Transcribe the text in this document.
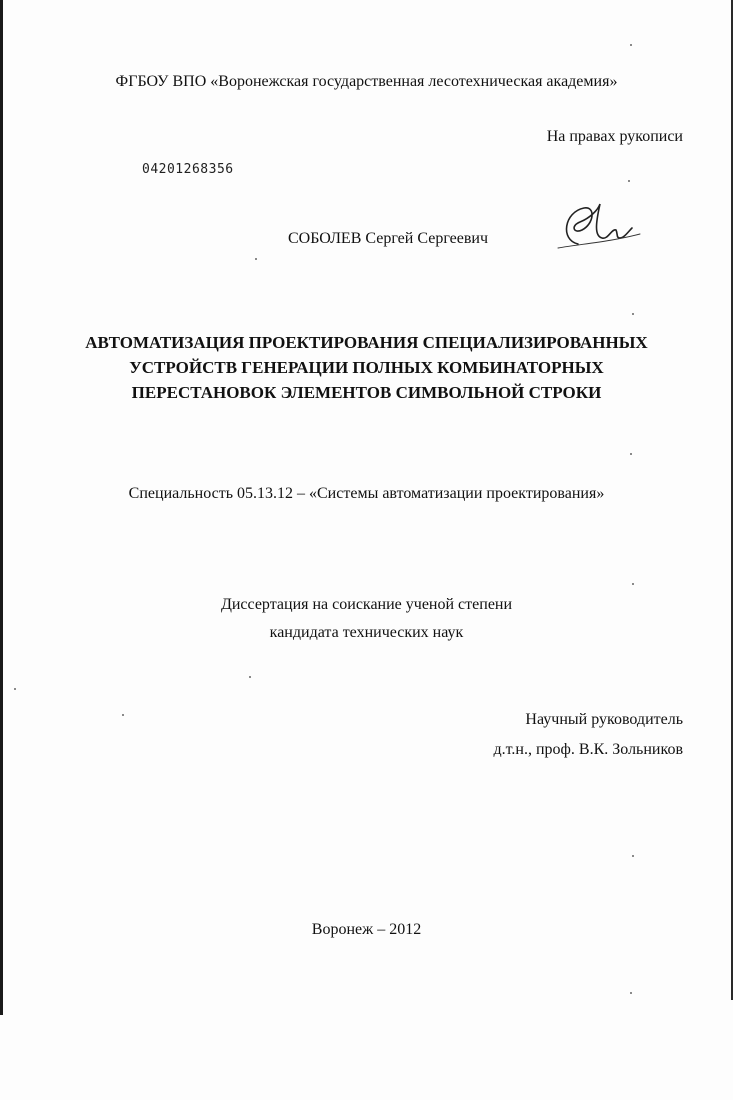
ФГБОУ ВПО «Воронежская государственная лесотехническая академия»
На правах рукописи
04201268356
СОБОЛЕВ Сергей Сергеевич
АВТОМАТИЗАЦИЯ ПРОЕКТИРОВАНИЯ СПЕЦИАЛИЗИРОВАННЫХ
УСТРОЙСТВ ГЕНЕРАЦИИ ПОЛНЫХ КОМБИНАТОРНЫХ
ПЕРЕСТАНОВОК ЭЛЕМЕНТОВ СИМВОЛЬНОЙ СТРОКИ
Специальность 05.13.12 – «Системы автоматизации проектирования»
Диссертация на соискание ученой степени
кандидата технических наук
Научный руководитель
д.т.н., проф. В.К. Зольников
Воронеж – 2012
